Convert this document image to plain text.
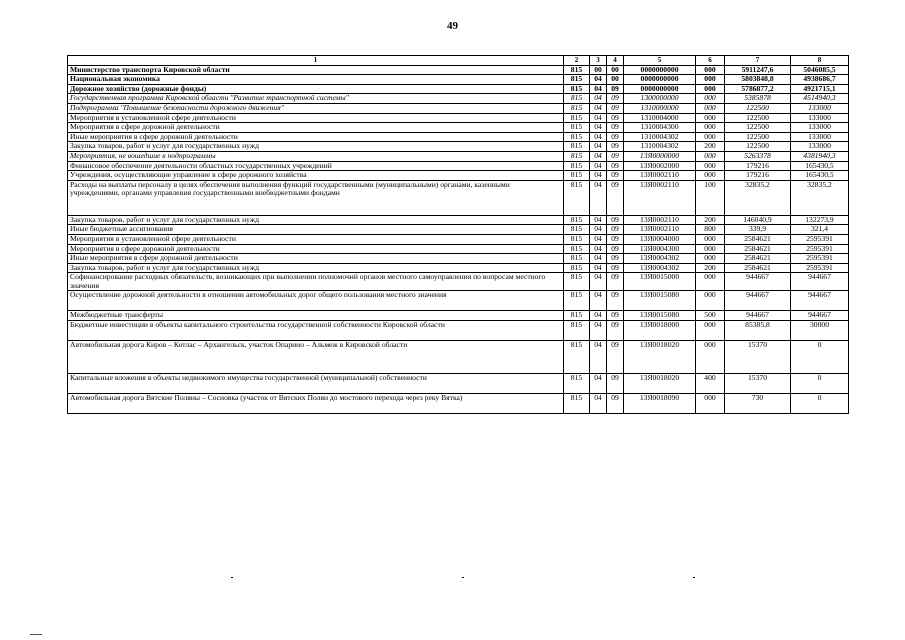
49
1	2	3	4	5	6	7	8
Министерство транспорта Кировской области	815	00	00	0000000000	000	5911247,6	5046085,5
Национальная экономика	815	04	00	0000000000	000	5803848,8	4938686,7
Дорожное хозяйство (дорожные фонды)	815	04	09	0000000000	000	5786877,2	4921715,1
Государственная программа Кировской области "Развитие транспортной системы"	815	04	09	1300000000	000	5385878	4514940,3
Подпрограмма "Повышение безопасности дорожного движения"	815	04	09	1310000000	000	122500	133000
Мероприятия в установленной сфере деятельности	815	04	09	1310004000	000	122500	133000
Мероприятия в сфере дорожной деятельности	815	04	09	1310004300	000	122500	133000
Иные мероприятия в сфере дорожной деятельности	815	04	09	1310004302	000	122500	133000
Закупка товаров, работ и услуг для государственных нужд	815	04	09	1310004302	200	122500	133000
Мероприятия, не вошедшие в подпрограммы	815	04	09	13Я0000000	000	5263378	4381940,3
Финансовое обеспечение деятельности областных государственных учреждений	815	04	09	13Я0002000	000	179216	165430,5
Учреждения, осуществляющие управление в сфере дорожного хозяйства	815	04	09	13Я0002110	000	179216	165430,5
Расходы на выплаты персоналу в целях обеспечения выполнения функций государственными (муниципальными) органами, казенными учреждениями, органами управления государственными внебюджетными фондами	815	04	09	13Я0002110	100	32835,2	32835,2
Закупка товаров, работ и услуг для государственных нужд	815	04	09	13Я0002110	200	146040,9	132273,9
Иные бюджетные ассигнования	815	04	09	13Я0002110	800	339,9	321,4
Мероприятия в установленной сфере деятельности	815	04	09	13Я0004000	000	2584621	2595391
Мероприятия в сфере дорожной деятельности	815	04	09	13Я0004300	000	2584621	2595391
Иные мероприятия в сфере дорожной деятельности	815	04	09	13Я0004302	000	2584621	2595391
Закупка товаров, работ и услуг для государственных нужд	815	04	09	13Я0004302	200	2584621	2595391
Софинансирование расходных обязательств, возникающих при выполнении полномочий органов местного самоуправления по вопросам местного значения	815	04	09	13Я0015000	000	944667	944667
Осуществление дорожной деятельности в отношении автомобильных дорог общего пользования местного значения	815	04	09	13Я0015080	000	944667	944667
Межбюджетные трансферты	815	04	09	13Я0015080	500	944667	944667
Бюджетные инвестиции в объекты капитального строительства государственной собственности Кировской области	815	04	09	13Я0018000	000	85385,8	30000
Автомобильная дорога Киров – Котлас – Архангельск, участок Опарино – Альмеж в Кировской области	815	04	09	13Я0018020	000	15370	0
Капитальные вложения в объекты недвижимого имущества государственной (муниципальной) собственности	815	04	09	13Я0018020	400	15370	0
Автомобильная дорога Вятские Поляны – Сосновка (участок от Вятских Полян до мостового перехода через реку Вятка)	815	04	09	13Я0018090	000	730	0
